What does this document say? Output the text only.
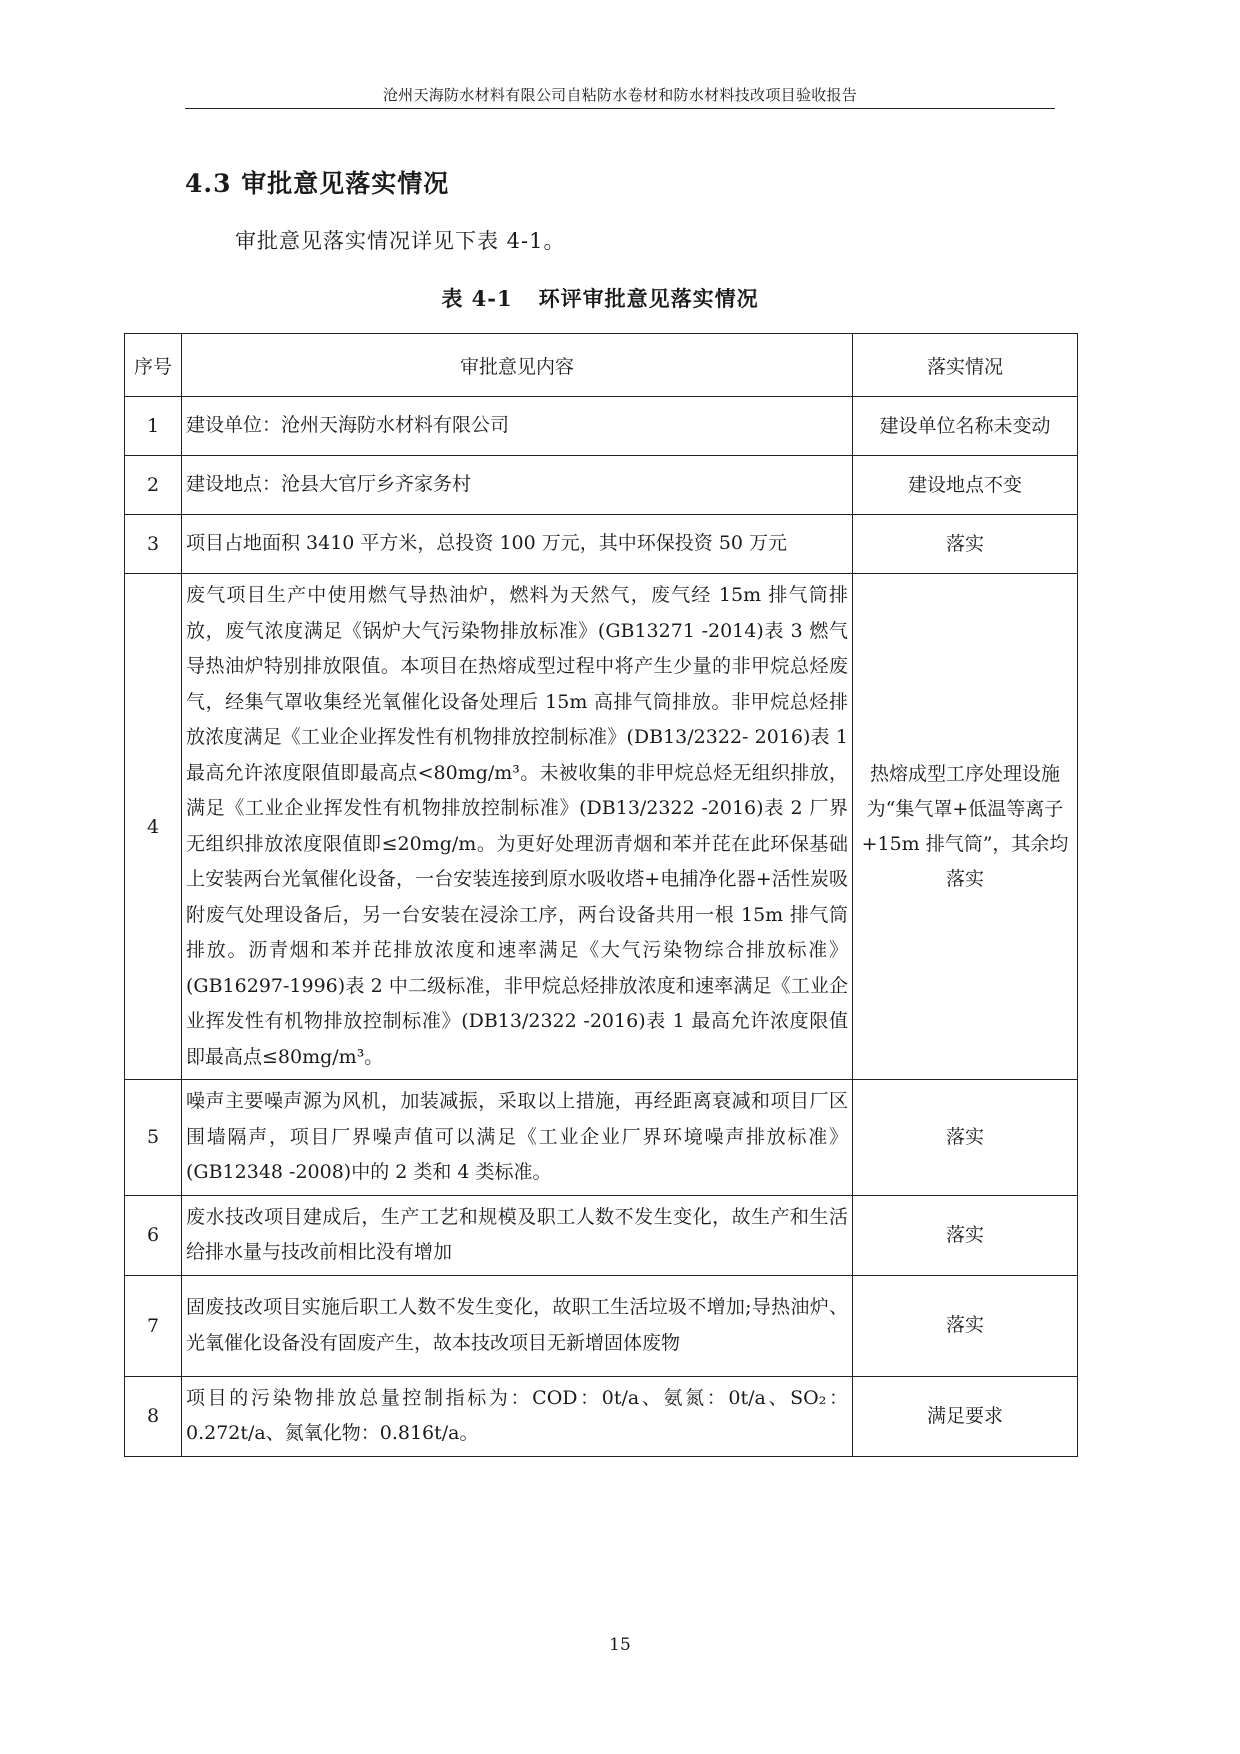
沧州天海防水材料有限公司自粘防水卷材和防水材料技改项目验收报告
4.3 审批意见落实情况
审批意见落实情况详见下表 4-1。
表 4-1 环评审批意见落实情况
序号	审批意见内容	落实情况
1	建设单位：沧州天海防水材料有限公司	建设单位名称未变动
2	建设地点：沧县大官厅乡齐家务村	建设地点不变
3	项目占地面积 3410 平方米，总投资 100 万元，其中环保投资 50 万元	落实
4	废气项目生产中使用燃气导热油炉，燃料为天然气，废气经 15m 排气筒排放，废气浓度满足《锅炉大气污染物排放标准》(GB13271 -2014)表 3 燃气导热油炉特别排放限值。本项目在热熔成型过程中将产生少量的非甲烷总烃废气，经集气罩收集经光氧催化设备处理后 15m 高排气筒排放。非甲烷总烃排放浓度满足《工业企业挥发性有机物排放控制标准》(DB13/2322- 2016)表 1 最高允许浓度限值即最高点<80mg/m³。未被收集的非甲烷总烃无组织排放，满足《工业企业挥发性有机物排放控制标准》(DB13/2322 -2016)表 2 厂界无组织排放浓度限值即≤20mg/m。为更好处理沥青烟和苯并芘在此环保基础上安装两台光氧催化设备，一台安装连接到原水吸收塔+电捕净化器+活性炭吸附废气处理设备后，另一台安装在浸涂工序，两台设备共用一根 15m 排气筒排放。沥青烟和苯并芘排放浓度和速率满足《大气污染物综合排放标准》(GB16297-1996)表 2 中二级标准，非甲烷总烃排放浓度和速率满足《工业企业挥发性有机物排放控制标准》(DB13/2322 -2016)表 1 最高允许浓度限值即最高点≤80mg/m³。	热熔成型工序处理设施为“集气罩+低温等离子+15m 排气筒”，其余均落实
5	噪声主要噪声源为风机，加装减振，采取以上措施，再经距离衰减和项目厂区围墙隔声，项目厂界噪声值可以满足《工业企业厂界环境噪声排放标准》(GB12348 -2008)中的 2 类和 4 类标准。	落实
6	废水技改项目建成后，生产工艺和规模及职工人数不发生变化，故生产和生活给排水量与技改前相比没有增加	落实
7	固废技改项目实施后职工人数不发生变化，故职工生活垃圾不增加;导热油炉、光氧催化设备没有固废产生，故本技改项目无新增固体废物	落实
8	项目的污染物排放总量控制指标为：COD：0t/a、氨氮：0t/a、SO₂：0.272t/a、氮氧化物：0.816t/a。	满足要求
15
